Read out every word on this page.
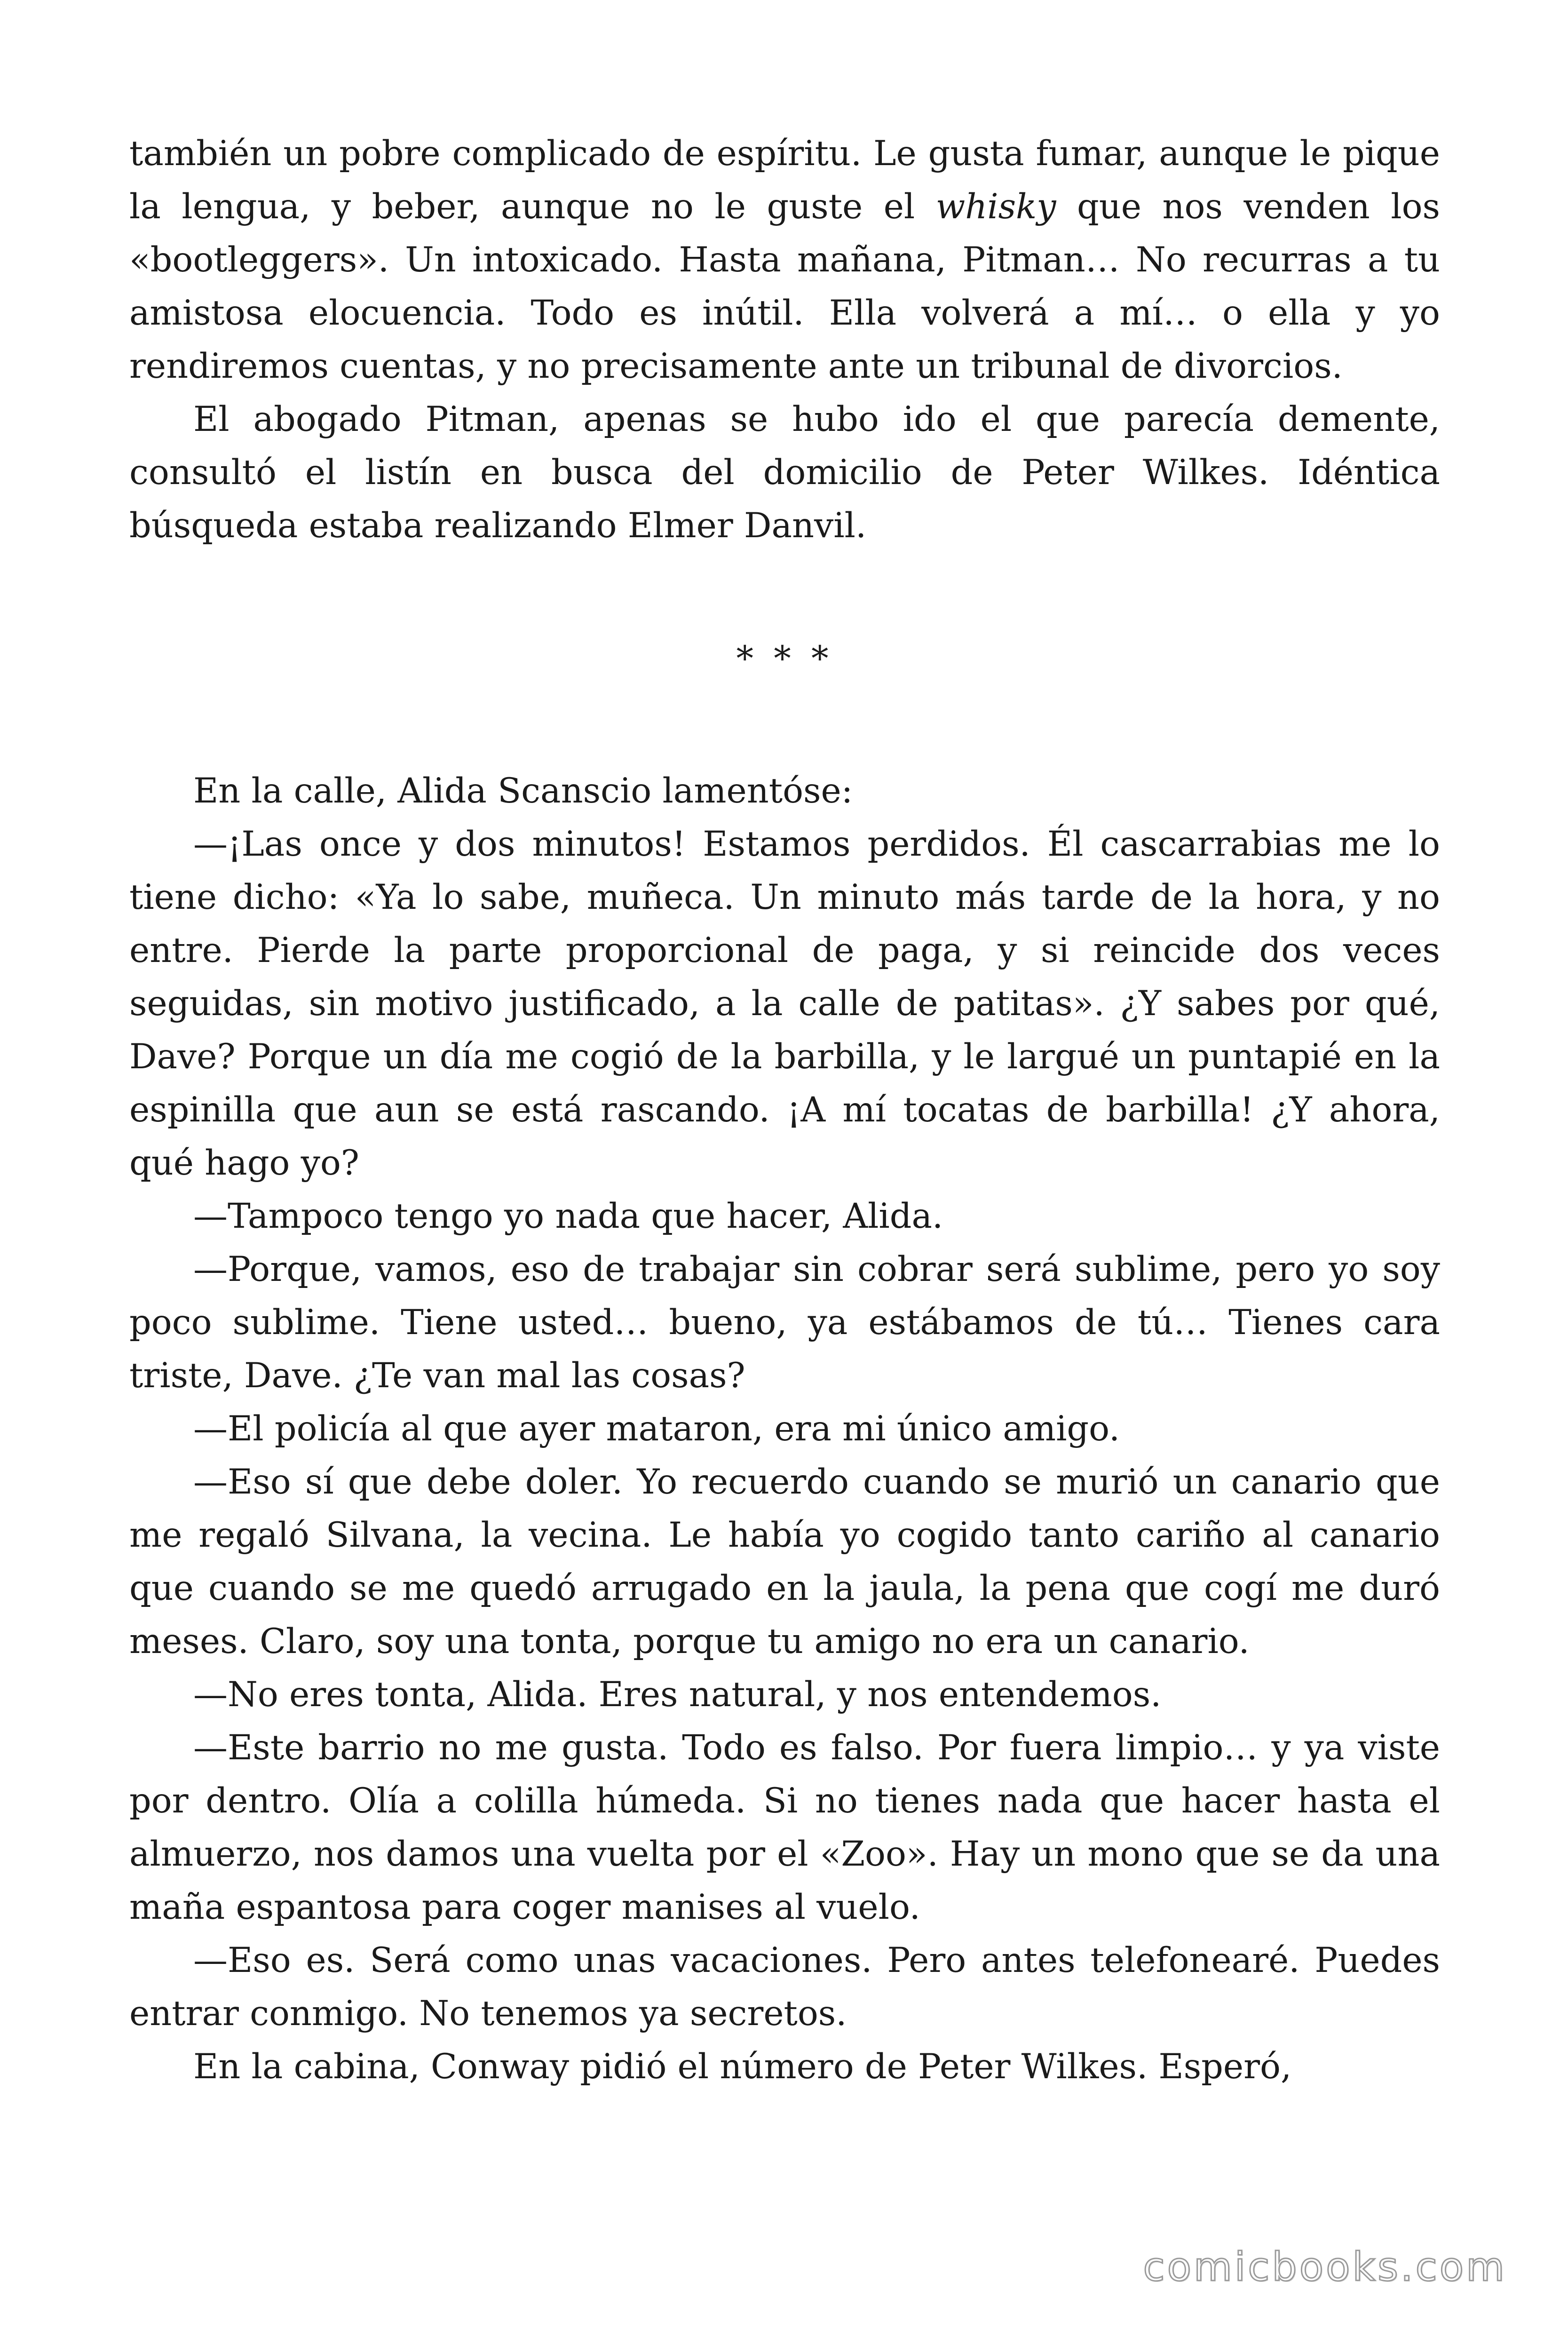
también un pobre complicado de espíritu. Le gusta fumar, aunque le pique la lengua, y beber, aunque no le guste el whisky que nos venden los «bootleggers». Un intoxicado. Hasta mañana, Pitman… No recurras a tu amistosa elocuencia. Todo es inútil. Ella volverá a mí… o ella y yo rendiremos cuentas, y no precisamente ante un tribunal de divorcios.

El abogado Pitman, apenas se hubo ido el que parecía demente, consultó el listín en busca del domicilio de Peter Wilkes. Idéntica búsqueda estaba realizando Elmer Danvil.

* * *

En la calle, Alida Scanscio lamentóse:

—¡Las once y dos minutos! Estamos perdidos. Él cascarrabias me lo tiene dicho: «Ya lo sabe, muñeca. Un minuto más tarde de la hora, y no entre. Pierde la parte proporcional de paga, y si reincide dos veces seguidas, sin motivo justificado, a la calle de patitas». ¿Y sabes por qué, Dave? Porque un día me cogió de la barbilla, y le largué un puntapié en la espinilla que aun se está rascando. ¡A mí tocatas de barbilla! ¿Y ahora, qué hago yo?

—Tampoco tengo yo nada que hacer, Alida.

—Porque, vamos, eso de trabajar sin cobrar será sublime, pero yo soy poco sublime. Tiene usted… bueno, ya estábamos de tú… Tienes cara triste, Dave. ¿Te van mal las cosas?

—El policía al que ayer mataron, era mi único amigo.

—Eso sí que debe doler. Yo recuerdo cuando se murió un canario que me regaló Silvana, la vecina. Le había yo cogido tanto cariño al canario que cuando se me quedó arrugado en la jaula, la pena que cogí me duró meses. Claro, soy una tonta, porque tu amigo no era un canario.

—No eres tonta, Alida. Eres natural, y nos entendemos.

—Este barrio no me gusta. Todo es falso. Por fuera limpio… y ya viste por dentro. Olía a colilla húmeda. Si no tienes nada que hacer hasta el almuerzo, nos damos una vuelta por el «Zoo». Hay un mono que se da una maña espantosa para coger manises al vuelo.

—Eso es. Será como unas vacaciones. Pero antes telefonearé. Puedes entrar conmigo. No tenemos ya secretos.

En la cabina, Conway pidió el número de Peter Wilkes. Esperó,

comicbooks.com
